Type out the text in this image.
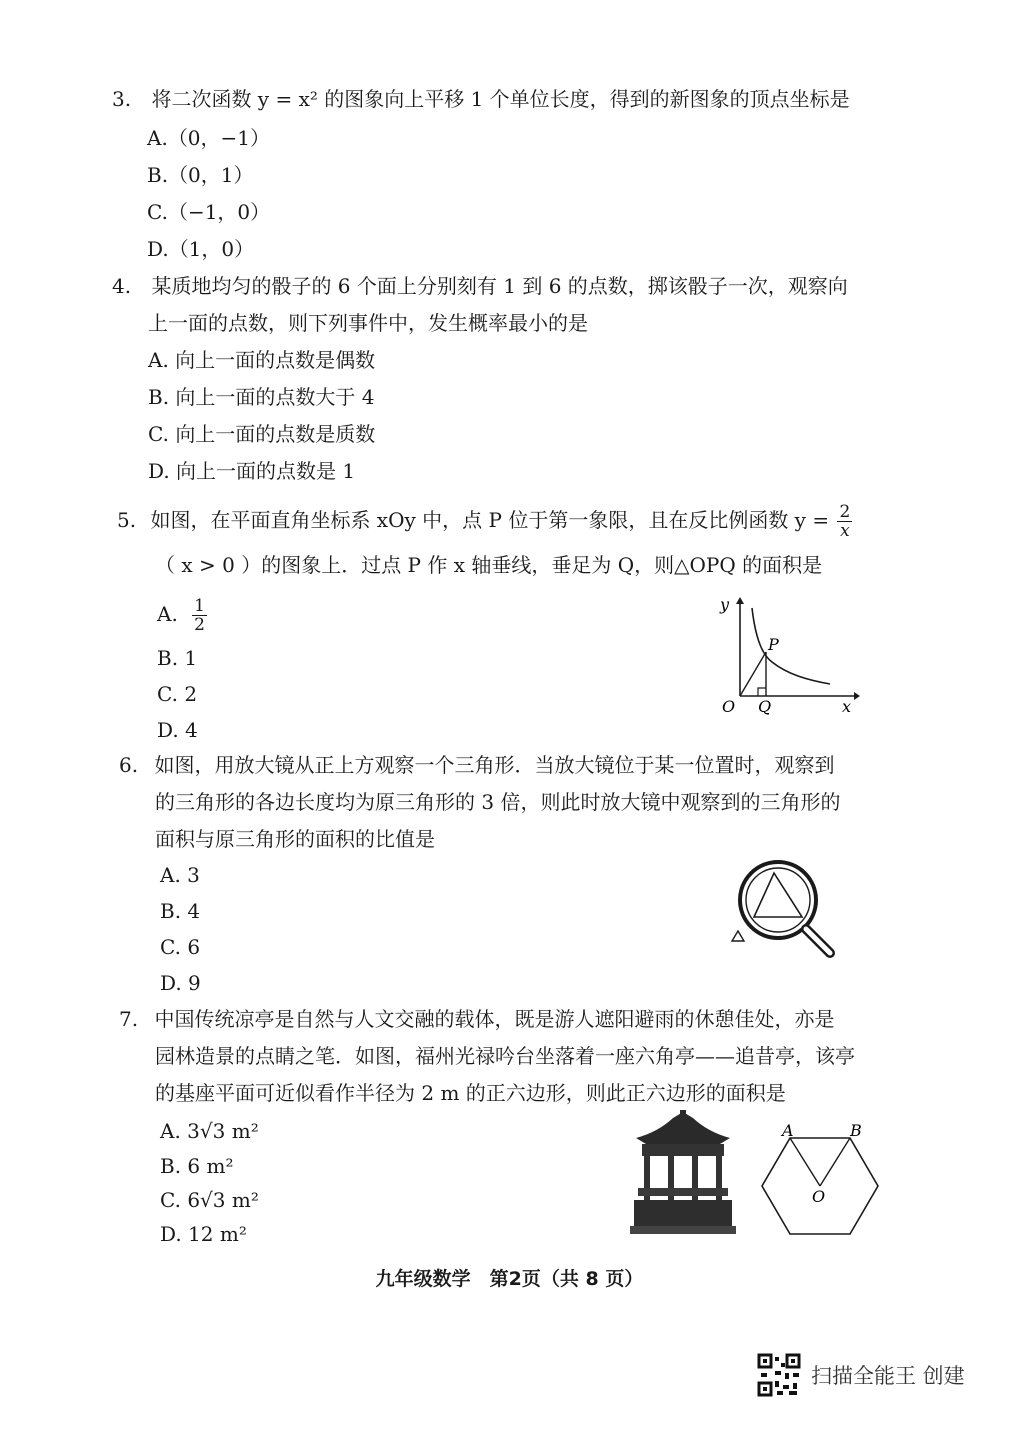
3. 将二次函数 y = x² 的图象向上平移 1 个单位长度，得到的新图象的顶点坐标是
A.（0，−1）
B.（0，1）
C.（−1，0）
D.（1，0）
4. 某质地均匀的骰子的 6 个面上分别刻有 1 到 6 的点数，掷该骰子一次，观察向
上一面的点数，则下列事件中，发生概率最小的是
A. 向上一面的点数是偶数
B. 向上一面的点数大于 4
C. 向上一面的点数是质数
D. 向上一面的点数是 1
5. 如图，在平面直角坐标系 xOy 中，点 P 位于第一象限，且在反比例函数 $y = \frac{2}{x}$
（ x > 0 ）的图象上．过点 P 作 x 轴垂线，垂足为 Q，则△OPQ 的面积是
A. $\frac{1}{2}$
B. 1
C. 2
D. 4
y
x
O
P
Q
6. 如图，用放大镜从正上方观察一个三角形．当放大镜位于某一位置时，观察到
的三角形的各边长度均为原三角形的 3 倍，则此时放大镜中观察到的三角形的
面积与原三角形的面积的比值是
A. 3
B. 4
C. 6
D. 9
7. 中国传统凉亭是自然与人文交融的载体，既是游人遮阳避雨的休憩佳处，亦是
园林造景的点睛之笔．如图，福州光禄吟台坐落着一座六角亭——追昔亭，该亭
的基座平面可近似看作半径为 2 m 的正六边形，则此正六边形的面积是
A. 3√3 m²
B. 6 m²
C. 6√3 m²
D. 12 m²
A	B
O
九年级数学　第2页（共 8 页）
扫描全能王 创建
